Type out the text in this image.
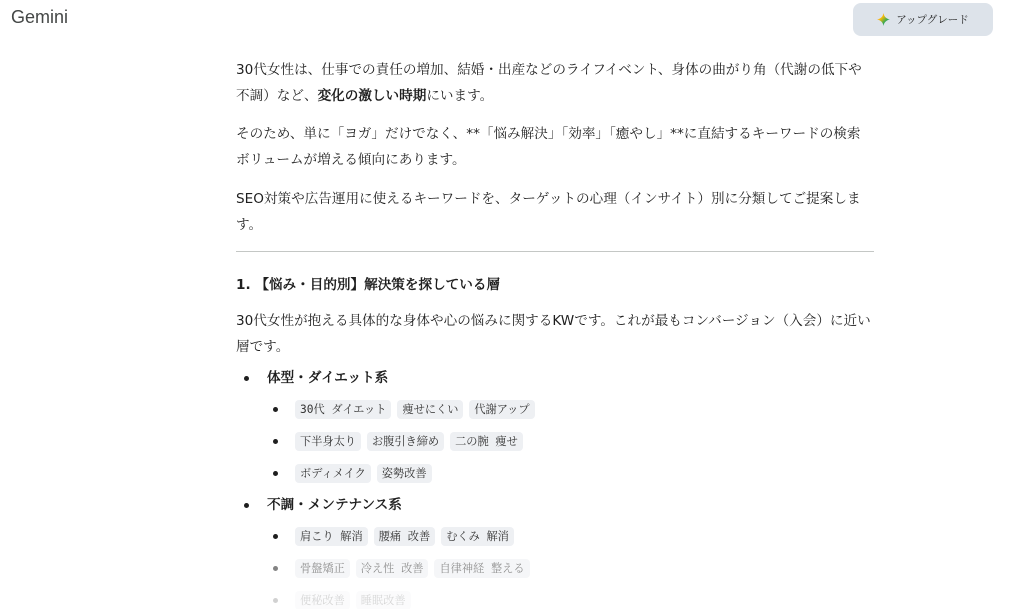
Gemini	アップグレード

30代女性は、仕事での責任の増加、結婚・出産などのライフイベント、身体の曲がり角（代謝の低下や不調）など、変化の激しい時期にいます。

そのため、単に「ヨガ」だけでなく、**「悩み解決」「効率」「癒やし」**に直結するキーワードの検索ボリュームが増える傾向にあります。

SEO対策や広告運用に使えるキーワードを、ターゲットの心理（インサイト）別に分類してご提案します。

1. 【悩み・目的別】解決策を探している層

30代女性が抱える具体的な身体や心の悩みに関するKWです。これが最もコンバージョン（入会）に近い層です。

体型・ダイエット系
30代 ダイエット	痩せにくい	代謝アップ
下半身太り	お腹引き締め	二の腕 痩せ
ボディメイク	姿勢改善
不調・メンテナンス系
肩こり 解消	腰痛 改善	むくみ 解消
骨盤矯正	冷え性 改善	自律神経 整える
便秘改善	睡眠改善
